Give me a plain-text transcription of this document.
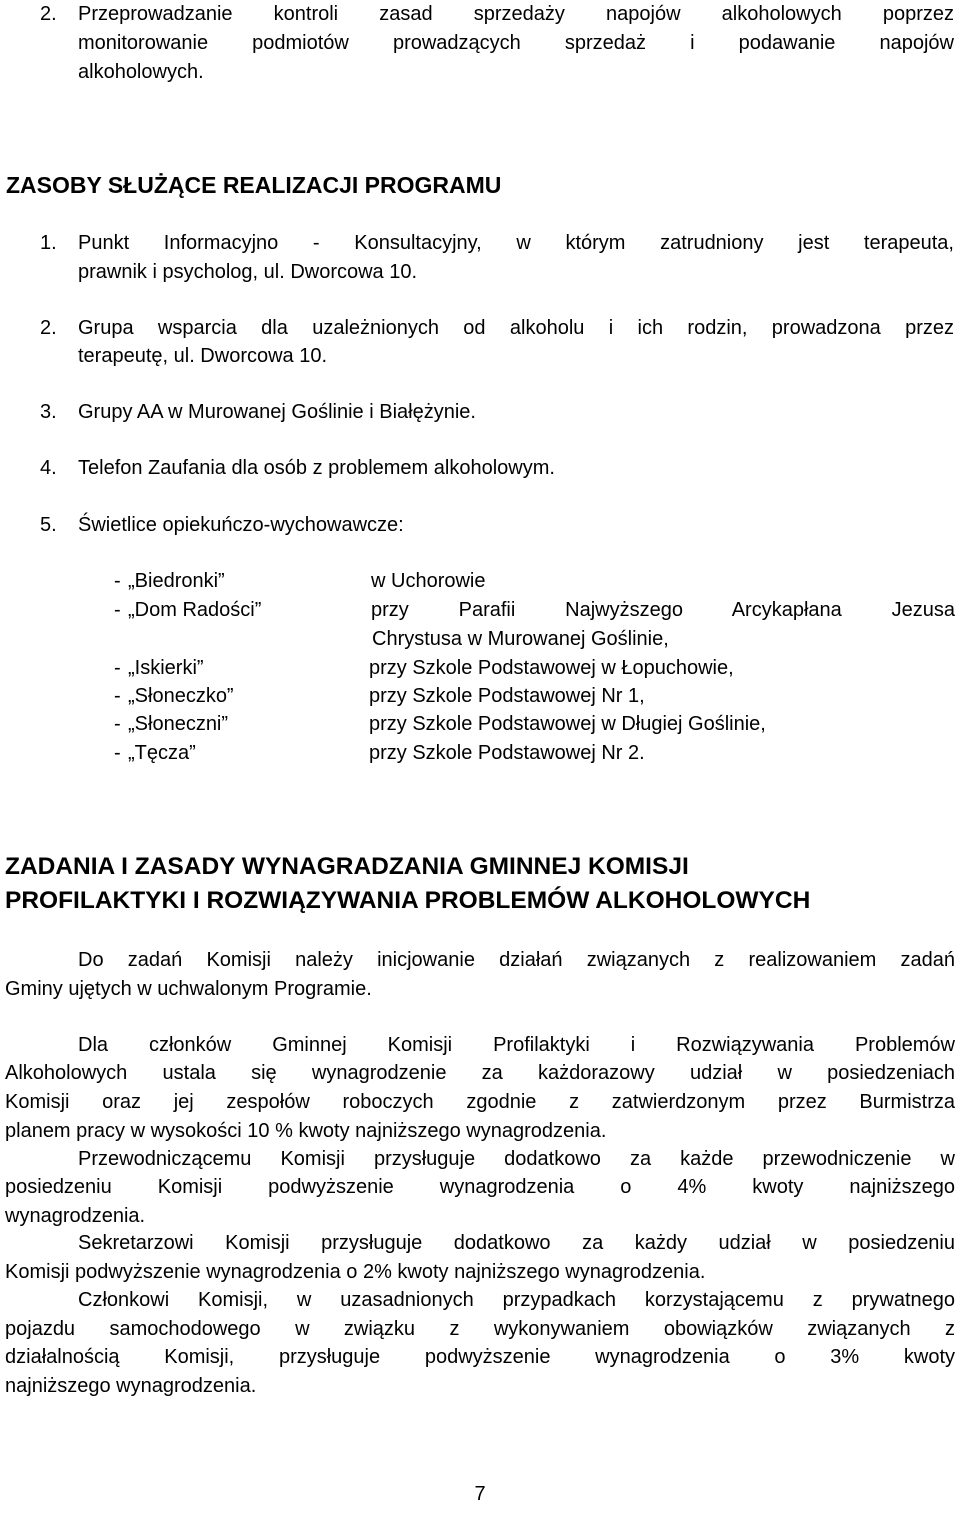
2. Przeprowadzanie kontroli zasad sprzedaży napojów alkoholowych poprzez
monitorowanie podmiotów prowadzących sprzedaż i podawanie napojów
alkoholowych.
ZASOBY SŁUŻĄCE REALIZACJI PROGRAMU
1. Punkt Informacyjno - Konsultacyjny, w którym zatrudniony jest terapeuta,
prawnik i psycholog, ul. Dworcowa 10.
2. Grupa wsparcia dla uzależnionych od alkoholu i ich rodzin, prowadzona przez
terapeutę, ul. Dworcowa 10.
3. Grupy AA w Murowanej Goślinie i Białężynie.
4. Telefon Zaufania dla osób z problemem alkoholowym.
5. Świetlice opiekuńczo-wychowawcze:
- „Biedronki”	w Uchorowie
- „Dom Radości”	przy Parafii Najwyższego Arcykapłana Jezusa
Chrystusa w Murowanej Goślinie,
- „Iskierki”	przy Szkole Podstawowej w Łopuchowie,
- „Słoneczko”	przy Szkole Podstawowej Nr 1,
- „Słoneczni”	przy Szkole Podstawowej w Długiej Goślinie,
- „Tęcza”	przy Szkole Podstawowej Nr 2.
ZADANIA I ZASADY WYNAGRADZANIA GMINNEJ KOMISJI
PROFILAKTYKI I ROZWIĄZYWANIA PROBLEMÓW ALKOHOLOWYCH
Do zadań Komisji należy inicjowanie działań związanych z realizowaniem zadań
Gminy ujętych w uchwalonym Programie.
Dla członków Gminnej Komisji Profilaktyki i Rozwiązywania Problemów
Alkoholowych ustala się wynagrodzenie za każdorazowy udział w posiedzeniach
Komisji oraz jej zespołów roboczych zgodnie z zatwierdzonym przez Burmistrza
planem pracy w wysokości 10 % kwoty najniższego wynagrodzenia.
Przewodniczącemu Komisji przysługuje dodatkowo za każde przewodniczenie w
posiedzeniu Komisji podwyższenie wynagrodzenia o 4% kwoty najniższego
wynagrodzenia.
Sekretarzowi Komisji przysługuje dodatkowo za każdy udział w posiedzeniu
Komisji podwyższenie wynagrodzenia o 2% kwoty najniższego wynagrodzenia.
Członkowi Komisji, w uzasadnionych przypadkach korzystającemu z prywatnego
pojazdu samochodowego w związku z wykonywaniem obowiązków związanych z
działalnością Komisji, przysługuje podwyższenie wynagrodzenia o 3% kwoty
najniższego wynagrodzenia.
7
